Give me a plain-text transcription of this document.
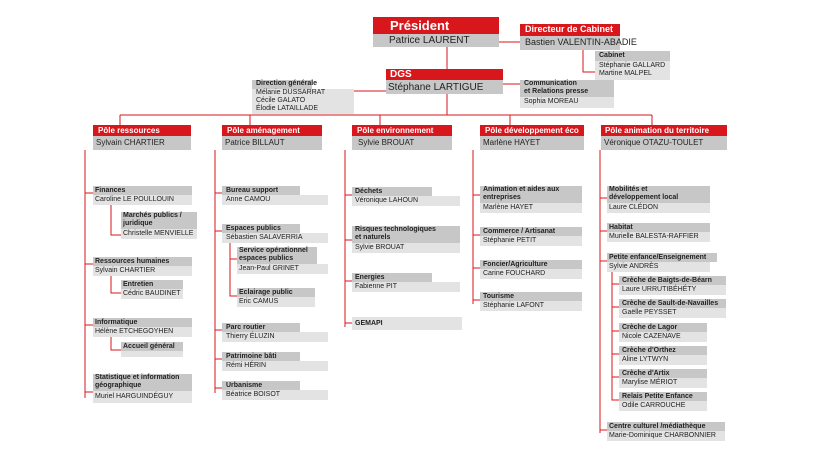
Président
Patrice LAURENT
Directeur de Cabinet
Bastien VALENTIN-ABADIE
Cabinet
Stéphanie GALLARD
Martine MALPEL
DGS
Stéphane LARTIGUE
Direction générale
Mélanie DUSSARRAT
Cécile GALATO
Élodie LATAILLADE
Communication
et Relations presse
Sophia MOREAU
Pôle ressources
Sylvain CHARTIER
Pôle aménagement
Patrice BILLAUT
Pôle environnement
Sylvie BROUAT
Pôle développement éco
Marlène HAYET
Pôle animation du territoire
Véronique OTAZU-TOULET
Finances
Caroline LE POULLOUIN
Marchés publics /
juridique
Christelle MENVIELLE
Ressources humaines
Sylvain CHARTIER
Entretien
Cédric BAUDINET
Informatique
Hélène ETCHEGOYHEN
Accueil général
Statistique et information
géographique
Muriel HARGUINDÉGUY
Bureau support
Anne CAMOU
Espaces publics
Sébastien SALAVERRIA
Service opérationnel
espaces publics
Jean-Paul GRINET
Eclairage public
Eric CAMUS
Parc routier
Thierry ÉLUZIN
Patrimoine bâti
Rémi HÉRIN
Urbanisme
Béatrice BOISOT
Déchets
Véronique LAHOUN
Risques technologiques
et naturels
Sylvie BROUAT
Energies
Fabienne PIT
GEMAPI
Animation et aides aux
entreprises
Marlène HAYET
Commerce / Artisanat
Stéphanie PETIT
Foncier/Agriculture
Carine FOUCHARD
Tourisme
Stéphanie LAFONT
Mobilités et
développement local
Laure CLÉDON
Habitat
Murielle BALESTA-RAFFIER
Petite enfance/Enseignement
Sylvie ANDRÈS
Crèche de Baigts-de-Béarn
Laure URRUTIBÉHÉTY
Crèche de Sault-de-Navailles
Gaëlle PEYSSET
Crèche de Lagor
Nicole CAZENAVE
Crèche d'Orthez
Aline LYTWYN
Crèche d'Artix
Marylise MÉRIOT
Relais Petite Enfance
Odile CARROUCHE
Centre culturel /médiathèque
Marie-Dominique CHARBONNIER
